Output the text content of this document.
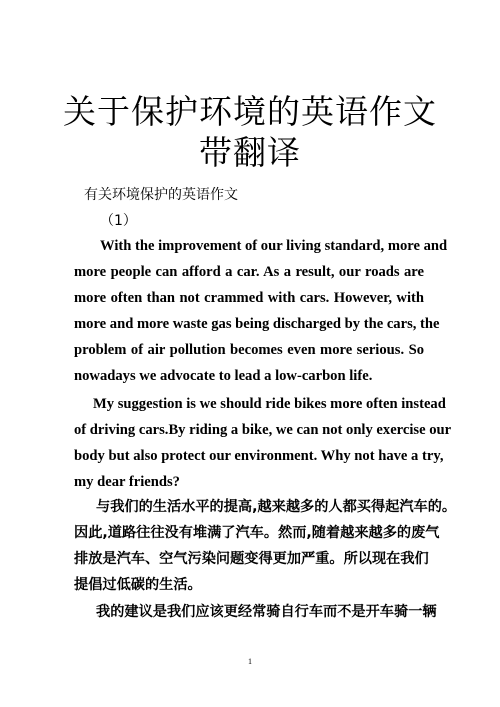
关于保护环境的英语作文
带翻译
有关环境保护的英语作文
（1）
With the improvement of our living standard, more and
more people can afford a car. As a result, our roads are
more often than not crammed with cars. However, with
more and more waste gas being discharged by the cars, the
problem of air pollution becomes even more serious. So
nowadays we advocate to lead a low-carbon life.
My suggestion is we should ride bikes more often instead
of driving cars.By riding a bike, we can not only exercise our
body but also protect our environment. Why not have a try,
my dear friends?
与我们的生活水平的提高,越来越多的人都买得起汽车的。
因此,道路往往没有堆满了汽车。然而,随着越来越多的废气
排放是汽车、空气污染问题变得更加严重。所以现在我们
提倡过低碳的生活。
我的建议是我们应该更经常骑自行车而不是开车骑一辆
1
